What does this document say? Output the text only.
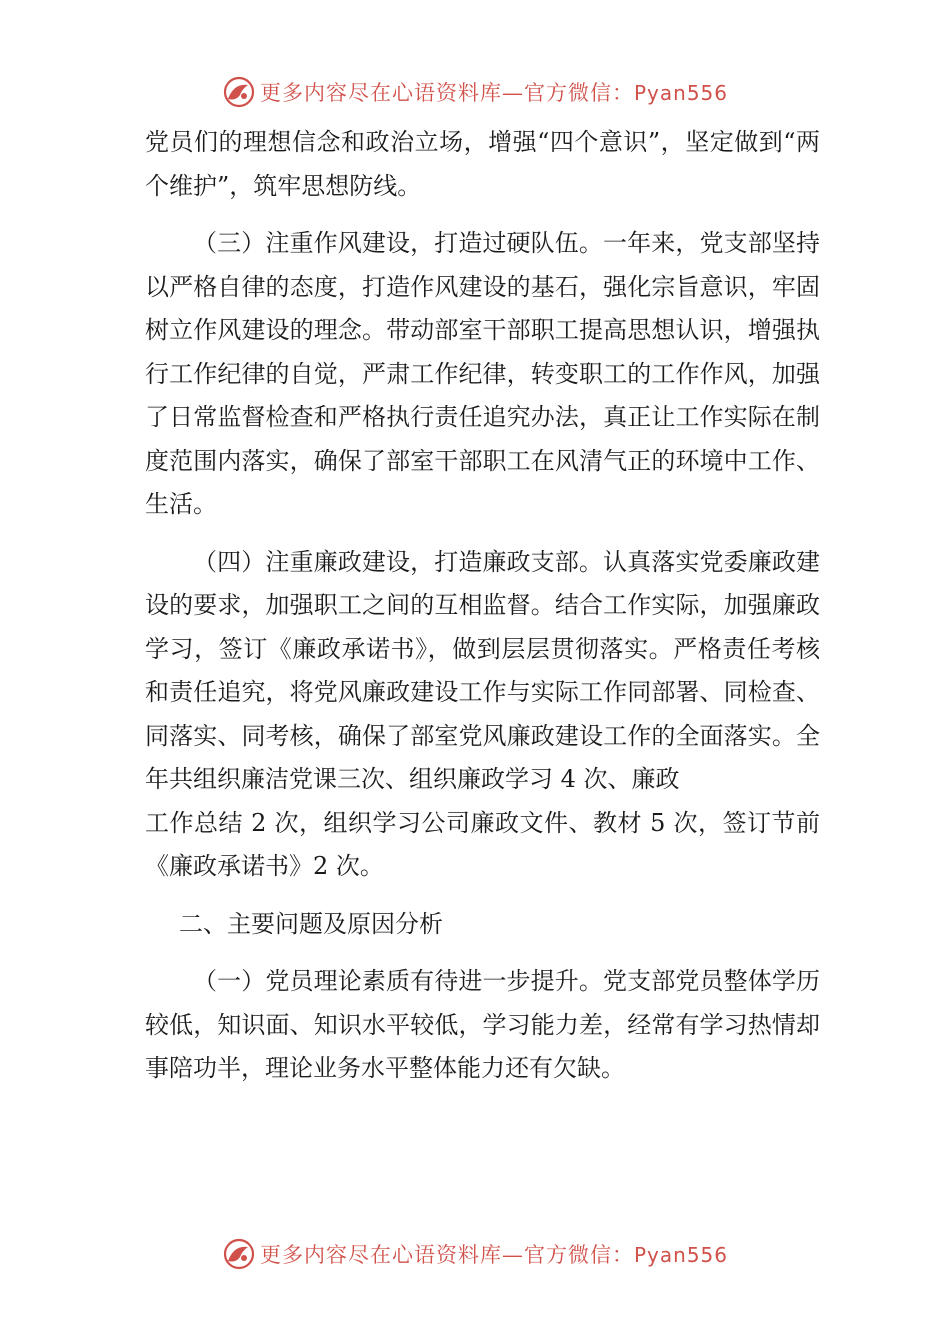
更多内容尽在心语资料库—官方微信：Pyan556

党员们的理想信念和政治立场，增强“四个意识”，坚定做到“两个维护”，筑牢思想防线。

（三）注重作风建设，打造过硬队伍。一年来，党支部坚持以严格自律的态度，打造作风建设的基石，强化宗旨意识，牢固树立作风建设的理念。带动部室干部职工提高思想认识，增强执行工作纪律的自觉，严肃工作纪律，转变职工的工作作风，加强了日常监督检查和严格执行责任追究办法，真正让工作实际在制度范围内落实，确保了部室干部职工在风清气正的环境中工作、生活。

（四）注重廉政建设，打造廉政支部。认真落实党委廉政建设的要求，加强职工之间的互相监督。结合工作实际，加强廉政学习，签订《廉政承诺书》，做到层层贯彻落实。严格责任考核和责任追究，将党风廉政建设工作与实际工作同部署、同检查、同落实、同考核，确保了部室党风廉政建设工作的全面落实。全年共组织廉洁党课三次、组织廉政学习 4 次、廉政

工作总结 2 次，组织学习公司廉政文件、教材 5 次，签订节前《廉政承诺书》2 次。

二、主要问题及原因分析

（一）党员理论素质有待进一步提升。党支部党员整体学历较低，知识面、知识水平较低，学习能力差，经常有学习热情却事陪功半，理论业务水平整体能力还有欠缺。

更多内容尽在心语资料库—官方微信：Pyan556
